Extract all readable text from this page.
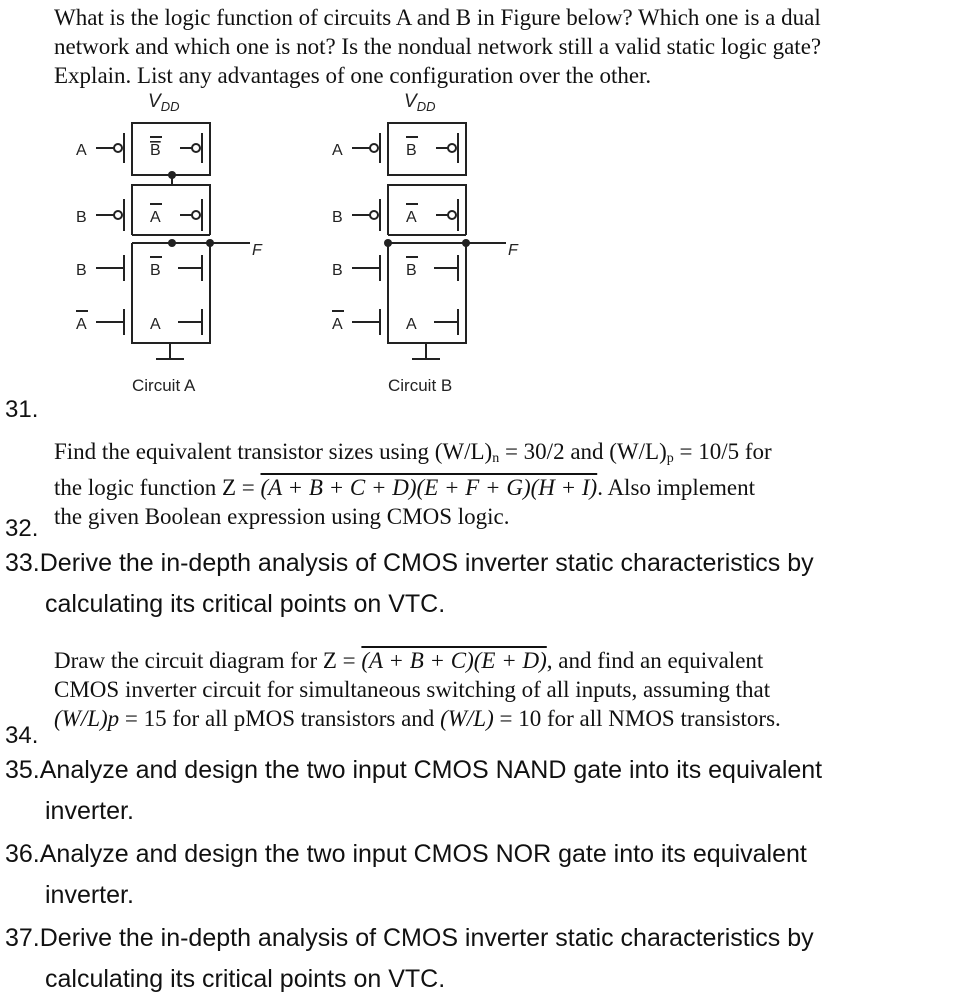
What is the logic function of circuits A and B in Figure below? Which one is a dual
network and which one is not? Is the nondual network still a valid static logic gate?
Explain. List any advantages of one configuration over the other.
$V_{DD}$
A	B
B	A
F
B	B
A	A
Circuit A
$V_{DD}$
A	B
B	A
F
B	B
A	A
Circuit B
31.
Find the equivalent transistor sizes using $(W/L)_n = 30/2$ and $(W/L)_p = 10/5$ for
the logic function Z = (A + B + C + D)(E + F + G)(H + I). Also implement
the given Boolean expression using CMOS logic.
32.
33.Derive the in-depth analysis of CMOS inverter static characteristics by
calculating its critical points on VTC.
Draw the circuit diagram for Z = (A + B + C)(E + D), and find an equivalent
CMOS inverter circuit for simultaneous switching of all inputs, assuming that
(W/L)p = 15 for all pMOS transistors and (W/L) = 10 for all NMOS transistors.
34.
35.Analyze and design the two input CMOS NAND gate into its equivalent
inverter.
36.Analyze and design the two input CMOS NOR gate into its equivalent
inverter.
37.Derive the in-depth analysis of CMOS inverter static characteristics by
calculating its critical points on VTC.
